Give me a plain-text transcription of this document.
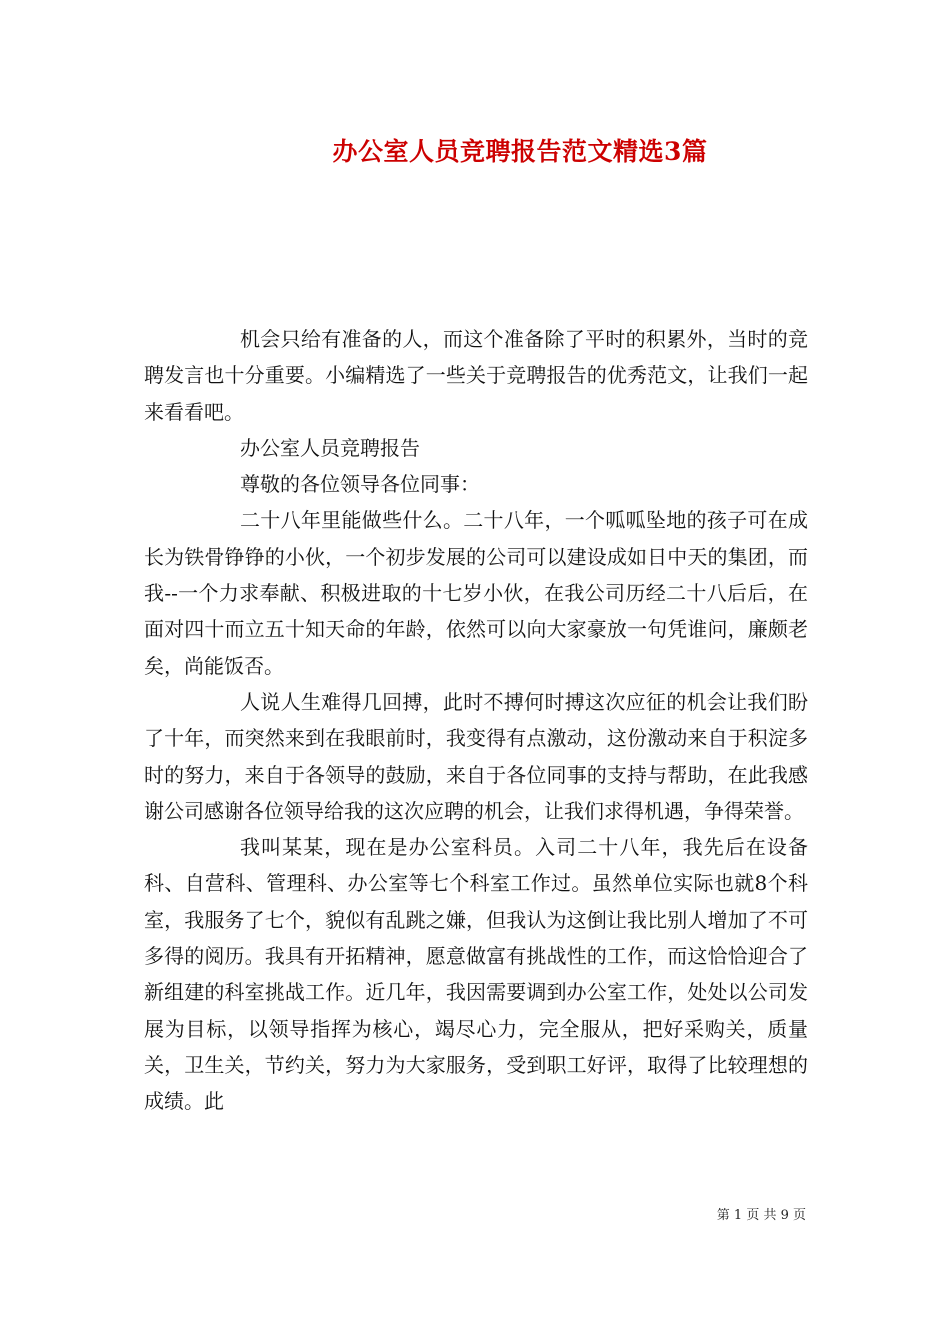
办公室人员竞聘报告范文精选3篇

机会只给有准备的人，而这个准备除了平时的积累外，当时的竞聘发言也十分重要。小编精选了一些关于竞聘报告的优秀范文，让我们一起来看看吧。

办公室人员竞聘报告

尊敬的各位领导各位同事：

二十八年里能做些什么。二十八年，一个呱呱坠地的孩子可在成长为铁骨铮铮的小伙，一个初步发展的公司可以建设成如日中天的集团，而我--一个力求奉献、积极进取的十七岁小伙，在我公司历经二十八后后，在面对四十而立五十知天命的年龄，依然可以向大家豪放一句凭谁问，廉颇老矣，尚能饭否。

人说人生难得几回搏，此时不搏何时搏这次应征的机会让我们盼了十年，而突然来到在我眼前时，我变得有点激动，这份激动来自于积淀多时的努力，来自于各领导的鼓励，来自于各位同事的支持与帮助，在此我感谢公司感谢各位领导给我的这次应聘的机会，让我们求得机遇，争得荣誉。

我叫某某，现在是办公室科员。入司二十八年，我先后在设备科、自营科、管理科、办公室等七个科室工作过。虽然单位实际也就8个科室，我服务了七个，貌似有乱跳之嫌，但我认为这倒让我比别人增加了不可多得的阅历。我具有开拓精神，愿意做富有挑战性的工作，而这恰恰迎合了新组建的科室挑战工作。近几年，我因需要调到办公室工作，处处以公司发展为目标，以领导指挥为核心，竭尽心力，完全服从，把好采购关，质量关，卫生关，节约关，努力为大家服务，受到职工好评，取得了比较理想的成绩。此

第 1 页 共 9 页
